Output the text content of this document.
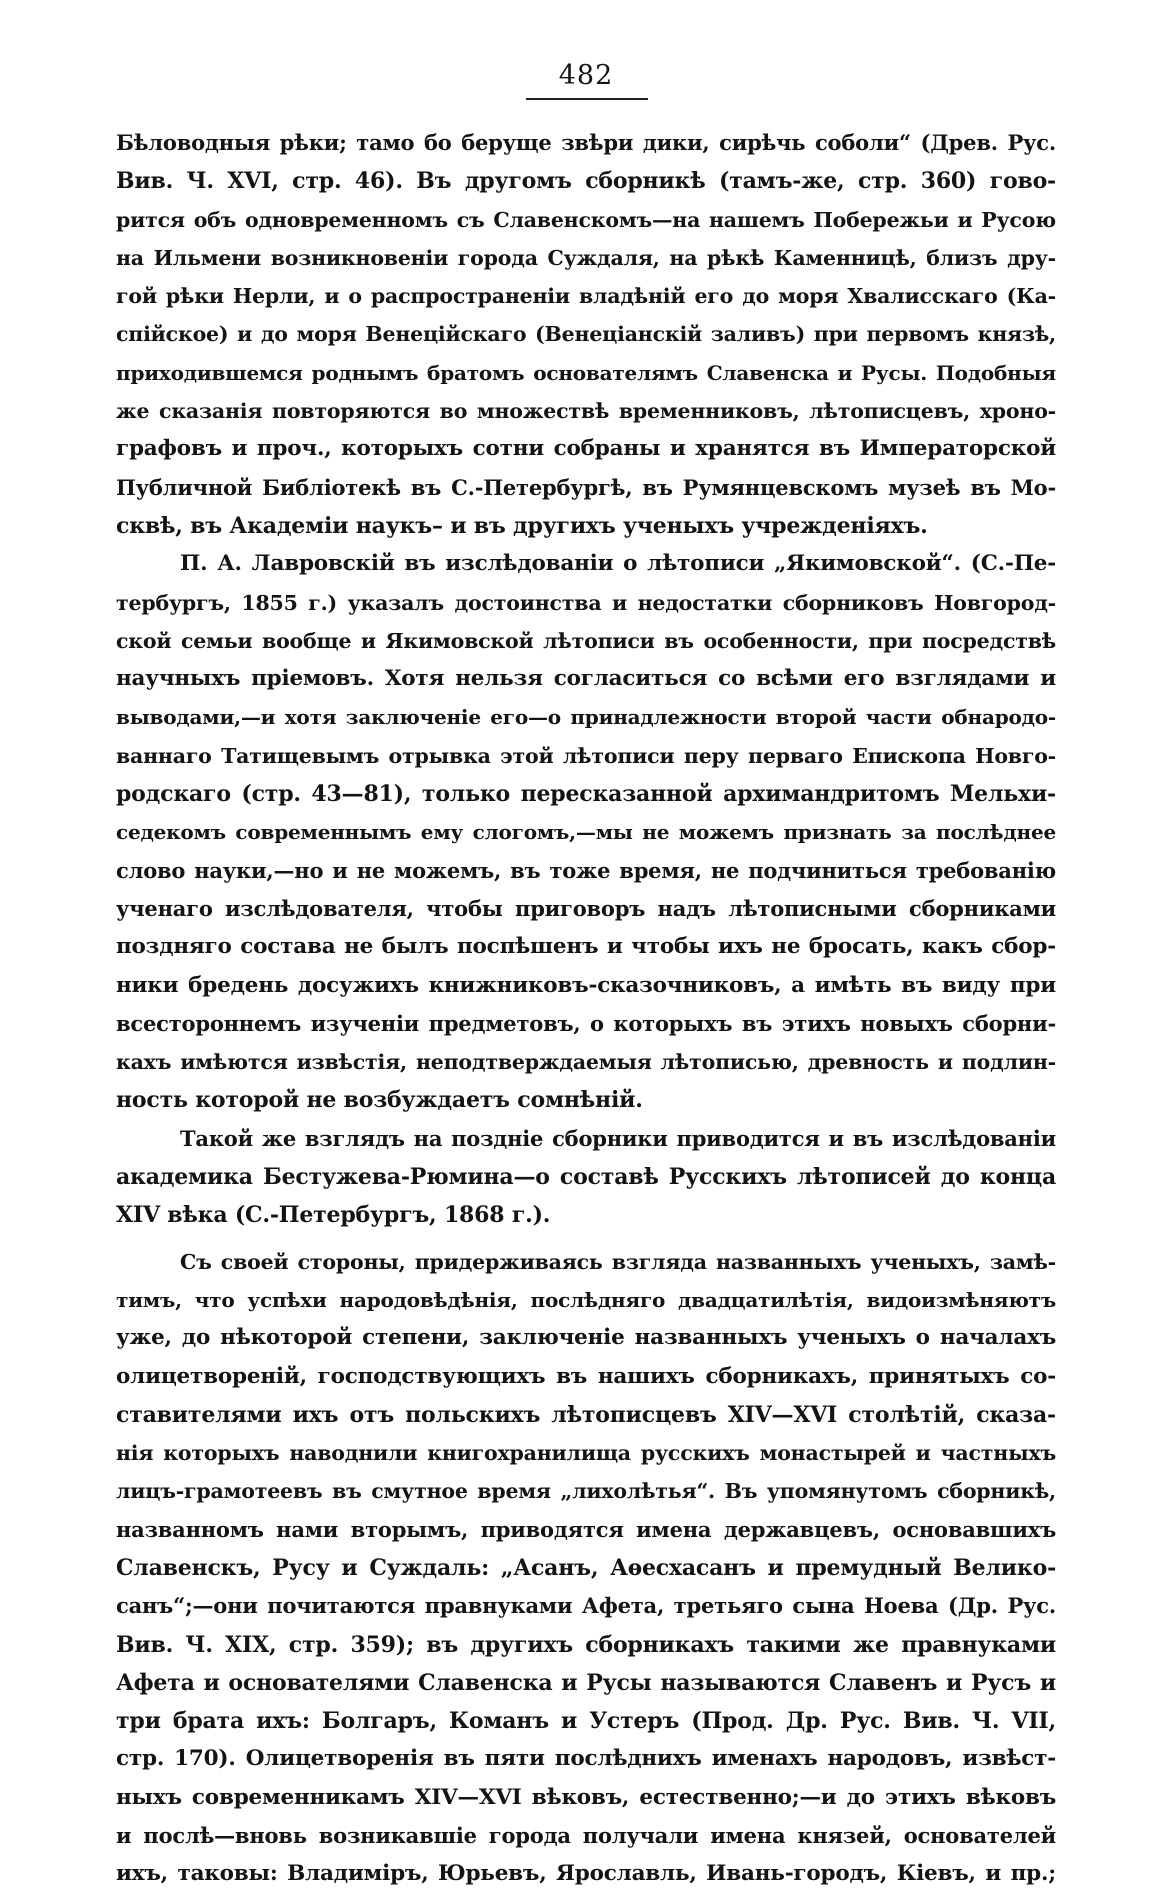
482
Бѣловодныя рѣки; тамо бо беруще звѣри дики, сирѣчь соболи“ (Древ. Рус.
Вив. Ч. XVI, стр. 46). Въ другомъ сборникѣ (тамъ-же, стр. 360) гово-
рится объ одновременномъ съ Славенскомъ—на нашемъ Побережьи и Русою
на Ильмени возникновеніи города Суждаля, на рѣкѣ Каменницѣ, близъ дру-
гой рѣки Нерли, и о распространеніи владѣній его до моря Хвалисскаго (Ка-
спійское) и до моря Венеційскаго (Венеціанскій заливъ) при первомъ князѣ,
приходившемся роднымъ братомъ основателямъ Славенска и Русы. Подобныя
же сказанія повторяются во множествѣ временниковъ, лѣтописцевъ, хроно-
графовъ и проч., которыхъ сотни собраны и хранятся въ Императорской
Публичной Библіотекѣ въ С.-Петербургѣ, въ Румянцевскомъ музеѣ въ Мо-
сквѣ, въ Академіи наукъ– и въ другихъ ученыхъ учрежденіяхъ.
П. А. Лавровскій въ изслѣдованіи о лѣтописи „Якимовской“. (С.-Пе-
тербургъ, 1855 г.) указалъ достоинства и недостатки сборниковъ Новгород-
ской семьи вообще и Якимовской лѣтописи въ особенности, при посредствѣ
научныхъ пріемовъ. Хотя нельзя согласиться со всѣми его взглядами и
выводами,—и хотя заключеніе его—о принадлежности второй части обнародо-
ваннаго Татищевымъ отрывка этой лѣтописи перу перваго Епископа Новго-
родскаго (стр. 43—81), только пересказанной архимандритомъ Мельхи-
седекомъ современнымъ ему слогомъ,—мы не можемъ признать за послѣднее
слово науки,—но и не можемъ, въ тоже время, не подчиниться требованію
ученаго изслѣдователя, чтобы приговоръ надъ лѣтописными сборниками
поздняго состава не былъ поспѣшенъ и чтобы ихъ не бросать, какъ сбор-
ники бредень досужихъ книжниковъ-сказочниковъ, а имѣть въ виду при
всестороннемъ изученіи предметовъ, о которыхъ въ этихъ новыхъ сборни-
кахъ имѣются извѣстія, неподтверждаемыя лѣтописью, древность и подлин-
ность которой не возбуждаетъ сомнѣній.
Такой же взглядъ на поздніе сборники приводится и въ изслѣдованіи
академика Бестужева-Рюмина—о составѣ Русскихъ лѣтописей до конца
XIV вѣка (С.-Петербургъ, 1868 г.).
Съ своей стороны, придерживаясь взгляда названныхъ ученыхъ, замѣ-
тимъ, что успѣхи народовѣдѣнія, послѣдняго двадцатилѣтія, видоизмѣняютъ
уже, до нѣкоторой степени, заключеніе названныхъ ученыхъ о началахъ
олицетвореній, господствующихъ въ нашихъ сборникахъ, принятыхъ со-
ставителями ихъ отъ польскихъ лѣтописцевъ XIV—XVI столѣтій, сказа-
нія которыхъ наводнили книгохранилища русскихъ монастырей и частныхъ
лицъ-грамотеевъ въ смутное время „лихолѣтья“. Въ упомянутомъ сборникѣ,
названномъ нами вторымъ, приводятся имена державцевъ, основавшихъ
Славенскъ, Русу и Суждаль: „Асанъ, Аѳесхасанъ и премудный Велико-
санъ“;—они почитаются правнуками Афета, третьяго сына Ноева (Др. Рус.
Вив. Ч. XIX, стр. 359); въ другихъ сборникахъ такими же правнуками
Афета и основателями Славенска и Русы называются Славенъ и Русъ и
три брата ихъ: Болгаръ, Команъ и Устеръ (Прод. Др. Рус. Вив. Ч. VII,
стр. 170). Олицетворенія въ пяти послѣднихъ именахъ народовъ, извѣст-
ныхъ современникамъ XIV—XVI вѣковъ, естественно;—и до этихъ вѣковъ
и послѣ—вновь возникавшіе города получали имена князей, основателей
ихъ, таковы: Владиміръ, Юрьевъ, Ярославль, Ивань-городъ, Кіевъ, и пр.;
